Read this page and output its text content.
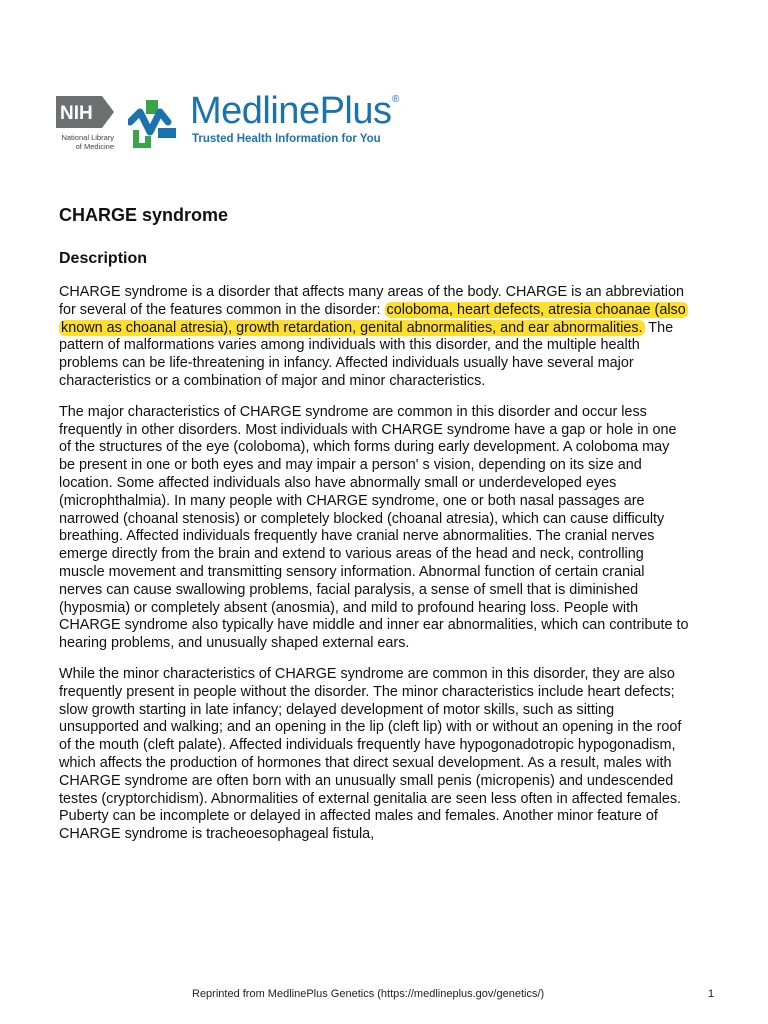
NIH
National Library
of Medicine
MedlinePlus ®
Trusted Health Information for You
CHARGE syndrome
Description

CHARGE syndrome is a disorder that affects many areas of the body. CHARGE is an abbreviation for several of the features common in the disorder: coloboma, heart defects, atresia choanae (also known as choanal atresia), growth retardation, genital abnormalities, and ear abnormalities. The pattern of malformations varies among individuals with this disorder, and the multiple health problems can be life-threatening in infancy. Affected individuals usually have several major characteristics or a combination of major and minor characteristics.

The major characteristics of CHARGE syndrome are common in this disorder and occur less frequently in other disorders. Most individuals with CHARGE syndrome have a gap or hole in one of the structures of the eye (coloboma), which forms during early development. A coloboma may be present in one or both eyes and may impair a person' s vision, depending on its size and location. Some affected individuals also have abnormally small or underdeveloped eyes (microphthalmia). In many people with CHARGE syndrome, one or both nasal passages are narrowed (choanal stenosis) or completely blocked (choanal atresia), which can cause difficulty breathing. Affected individuals frequently have cranial nerve abnormalities. The cranial nerves emerge directly from the brain and extend to various areas of the head and neck, controlling muscle movement and transmitting sensory information. Abnormal function of certain cranial nerves can cause swallowing problems, facial paralysis, a sense of smell that is diminished (hyposmia) or completely absent (anosmia), and mild to profound hearing loss. People with CHARGE syndrome also typically have middle and inner ear abnormalities, which can contribute to hearing problems, and unusually shaped external ears.

While the minor characteristics of CHARGE syndrome are common in this disorder, they are also frequently present in people without the disorder. The minor characteristics include heart defects; slow growth starting in late infancy; delayed development of motor skills, such as sitting unsupported and walking; and an opening in the lip (cleft lip) with or without an opening in the roof of the mouth (cleft palate). Affected individuals frequently have hypogonadotropic hypogonadism, which affects the production of hormones that direct sexual development. As a result, males with CHARGE syndrome are often born with an unusually small penis (micropenis) and undescended testes (cryptorchidism). Abnormalities of external genitalia are seen less often in affected females. Puberty can be incomplete or delayed in affected males and females. Another minor feature of CHARGE syndrome is tracheoesophageal fistula,

Reprinted from MedlinePlus Genetics (https://medlineplus.gov/genetics/)	1
